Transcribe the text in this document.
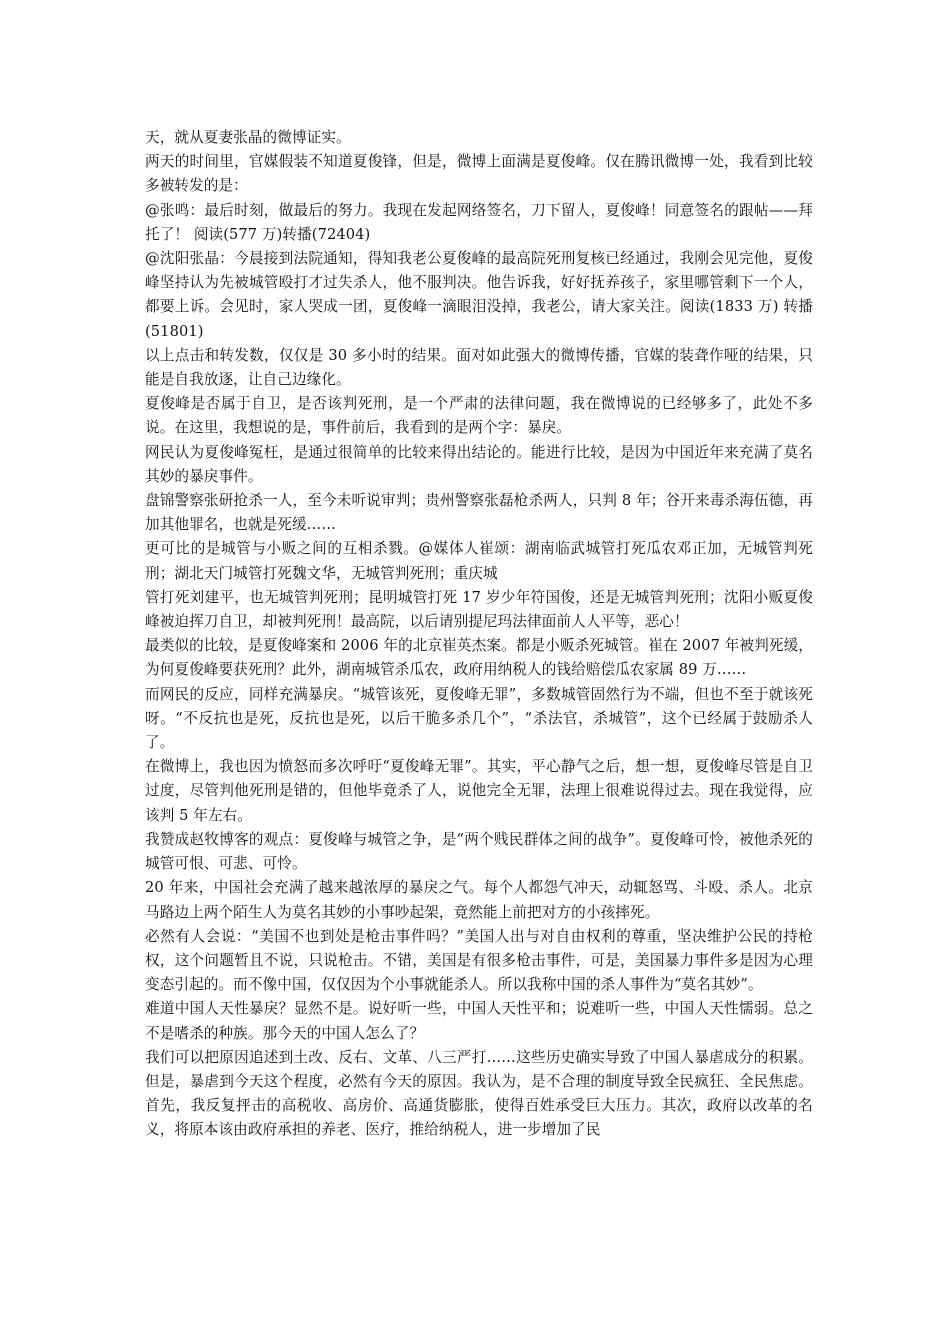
天，就从夏妻张晶的微博证实。

两天的时间里，官媒假装不知道夏俊锋，但是，微博上面满是夏俊峰。仅在腾讯微博一处，我看到比较多被转发的是：

@张鸣：最后时刻，做最后的努力。我现在发起网络签名，刀下留人，夏俊峰！同意签名的跟帖——拜托了！ 阅读(577 万)转播(72404)

@沈阳张晶：今晨接到法院通知，得知我老公夏俊峰的最高院死刑复核已经通过，我刚会见完他，夏俊峰坚持认为先被城管殴打才过失杀人，他不服判决。他告诉我，好好抚养孩子，家里哪管剩下一个人，都要上诉。会见时，家人哭成一团，夏俊峰一滴眼泪没掉，我老公，请大家关注。阅读(1833 万) 转播(51801)

以上点击和转发数，仅仅是 30 多小时的结果。面对如此强大的微博传播，官媒的装聋作哑的结果，只能是自我放逐，让自己边缘化。

夏俊峰是否属于自卫，是否该判死刑，是一个严肃的法律问题，我在微博说的已经够多了，此处不多说。在这里，我想说的是，事件前后，我看到的是两个字：暴戾。

网民认为夏俊峰冤枉，是通过很简单的比较来得出结论的。能进行比较，是因为中国近年来充满了莫名其妙的暴戾事件。

盘锦警察张研抢杀一人，至今未听说审判；贵州警察张磊枪杀两人，只判 8 年；谷开来毒杀海伍德，再加其他罪名，也就是死缓……

更可比的是城管与小贩之间的互相杀戮。@媒体人崔颂：湖南临武城管打死瓜农邓正加，无城管判死刑；湖北天门城管打死魏文华，无城管判死刑；重庆城

管打死刘建平，也无城管判死刑；昆明城管打死 17 岁少年符国俊，还是无城管判死刑；沈阳小贩夏俊峰被迫挥刀自卫，却被判死刑！最高院，以后请别提尼玛法律面前人人平等，恶心！

最类似的比较，是夏俊峰案和 2006 年的北京崔英杰案。都是小贩杀死城管。崔在 2007 年被判死缓，为何夏俊峰要获死刑？此外，湖南城管杀瓜农，政府用纳税人的钱给赔偿瓜农家属 89 万……

而网民的反应，同样充满暴戾。“城管该死，夏俊峰无罪”，多数城管固然行为不端，但也不至于就该死呀。“不反抗也是死，反抗也是死，以后干脆多杀几个”，“杀法官，杀城管”，这个已经属于鼓励杀人了。

在微博上，我也因为愤怒而多次呼吁“夏俊峰无罪”。其实，平心静气之后，想一想，夏俊峰尽管是自卫过度，尽管判他死刑是错的，但他毕竟杀了人，说他完全无罪，法理上很难说得过去。现在我觉得，应该判 5 年左右。

我赞成赵牧博客的观点：夏俊峰与城管之争，是“两个贱民群体之间的战争”。夏俊峰可怜，被他杀死的城管可恨、可悲、可怜。

20 年来，中国社会充满了越来越浓厚的暴戾之气。每个人都怨气冲天，动辄怒骂、斗殴、杀人。北京马路边上两个陌生人为莫名其妙的小事吵起架，竟然能上前把对方的小孩摔死。

必然有人会说：“美国不也到处是枪击事件吗？”美国人出与对自由权利的尊重，坚决维护公民的持枪权，这个问题暂且不说，只说枪击。不错，美国是有很多枪击事件，可是，美国暴力事件多是因为心理变态引起的。而不像中国，仅仅因为个小事就能杀人。所以我称中国的杀人事件为“莫名其妙”。

难道中国人天性暴戾？显然不是。说好听一些，中国人天性平和；说难听一些，中国人天性懦弱。总之不是嗜杀的种族。那今天的中国人怎么了？

我们可以把原因追述到土改、反右、文革、八三严打……这些历史确实导致了中国人暴虐成分的积累。但是，暴虐到今天这个程度，必然有今天的原因。我认为，是不合理的制度导致全民疯狂、全民焦虑。首先，我反复抨击的高税收、高房价、高通货膨胀，使得百姓承受巨大压力。其次，政府以改革的名义，将原本该由政府承担的养老、医疗，推给纳税人，进一步增加了民
